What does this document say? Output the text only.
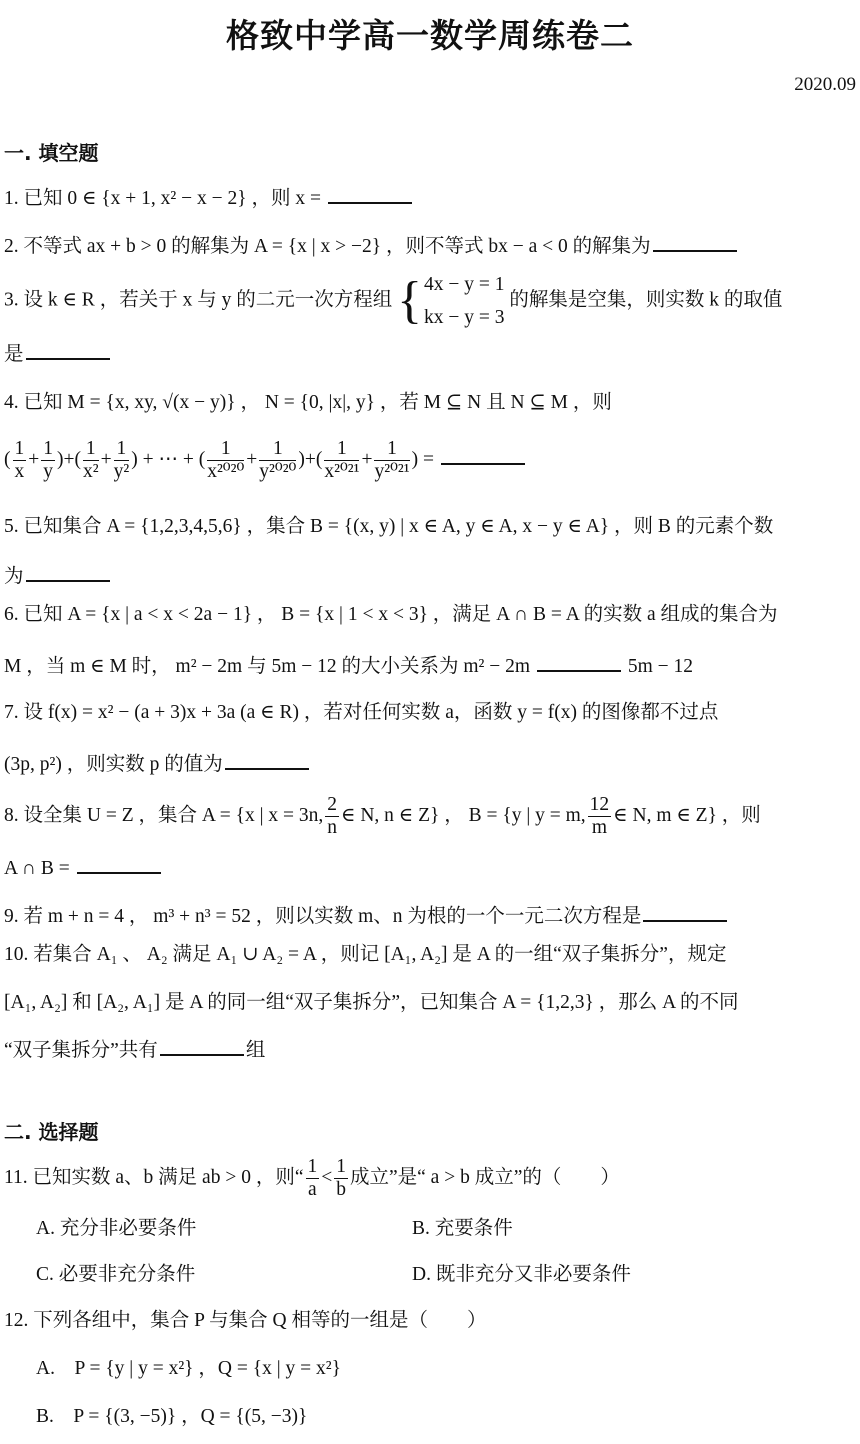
格致中学高一数学周练卷二
2020.09
一. 填空题
1. 已知 0 ∈ {x + 1, x² − x − 2} ，则 x =
2. 不等式 ax + b > 0 的解集为 A = {x | x > −2} ，则不等式 bx − a < 0 的解集为
3. 设 k ∈ R ，若关于 x 与 y 的二元一次方程组 { 4x − y = 1
kx − y = 3
的解集是空集，则实数 k 的取值
是
4. 已知 M = {x, xy, √(x − y)} ， N = {0, |x|, y} ，若 M ⊆ N 且 N ⊆ M ，则
( $\frac{1}{x} + \frac{1}{y}$ )+( $\frac{1}{\text{x²}} + \frac{1}{\text{y²}}$ ) + ⋯ + ( $\frac{1}{\text{x²⁰²⁰}} + \frac{1}{\text{y²⁰²⁰}}$ )+( $\frac{1}{\text{x²⁰²¹}} + \frac{1}{\text{y²⁰²¹}}$ ) =
5. 已知集合 A = {1,2,3,4,5,6} ，集合 B = {(x, y) | x ∈ A, y ∈ A, x − y ∈ A} ，则 B 的元素个数
为
6. 已知 A = {x | a < x < 2a − 1} ， B = {x | 1 < x < 3} ，满足 A ∩ B = A 的实数 a 组成的集合为
M ，当 m ∈ M 时， m² − 2m 与 5m − 12 的大小关系为 m² − 2m	5m − 12
7. 设 f(x) = x² − (a + 3)x + 3a (a ∈ R) ，若对任何实数 a，函数 y = f(x) 的图像都不过点
(3p, p²) ，则实数 p 的值为
8. 设全集 U = Z ，集合 A = {x | x = 3n, $\frac{2}{n}$ ∈ N, n ∈ Z} ， B = {y | y = m, $\frac{12}{m}$ ∈ N, m ∈ Z} ，则
A ∩ B =
9. 若 m + n = 4 ， m³ + n³ = 52 ，则以实数 m、n 为根的一个一元二次方程是
10. 若集合 A₁ 、 A₂ 满足 A₁ ∪ A₂ = A ，则记 [A₁, A₂] 是 A 的一组“双子集拆分”，规定
[A₁, A₂] 和 [A₂, A₁] 是 A 的同一组“双子集拆分”，已知集合 A = {1,2,3} ，那么 A 的不同
“双子集拆分”共有	组
二. 选择题
11. 已知实数 a、b 满足 ab > 0 ，则“ $\frac{1}{a} < \frac{1}{b}$ 成立”是“ a > b 成立”的（　　）
A. 充分非必要条件	B. 充要条件
C. 必要非充分条件	D. 既非充分又非必要条件
12. 下列各组中，集合 P 与集合 Q 相等的一组是（　　）
A.　P = {y | y = x²} ，Q = {x | y = x²}
B.　P = {(3, −5)} ，Q = {(5, −3)}
